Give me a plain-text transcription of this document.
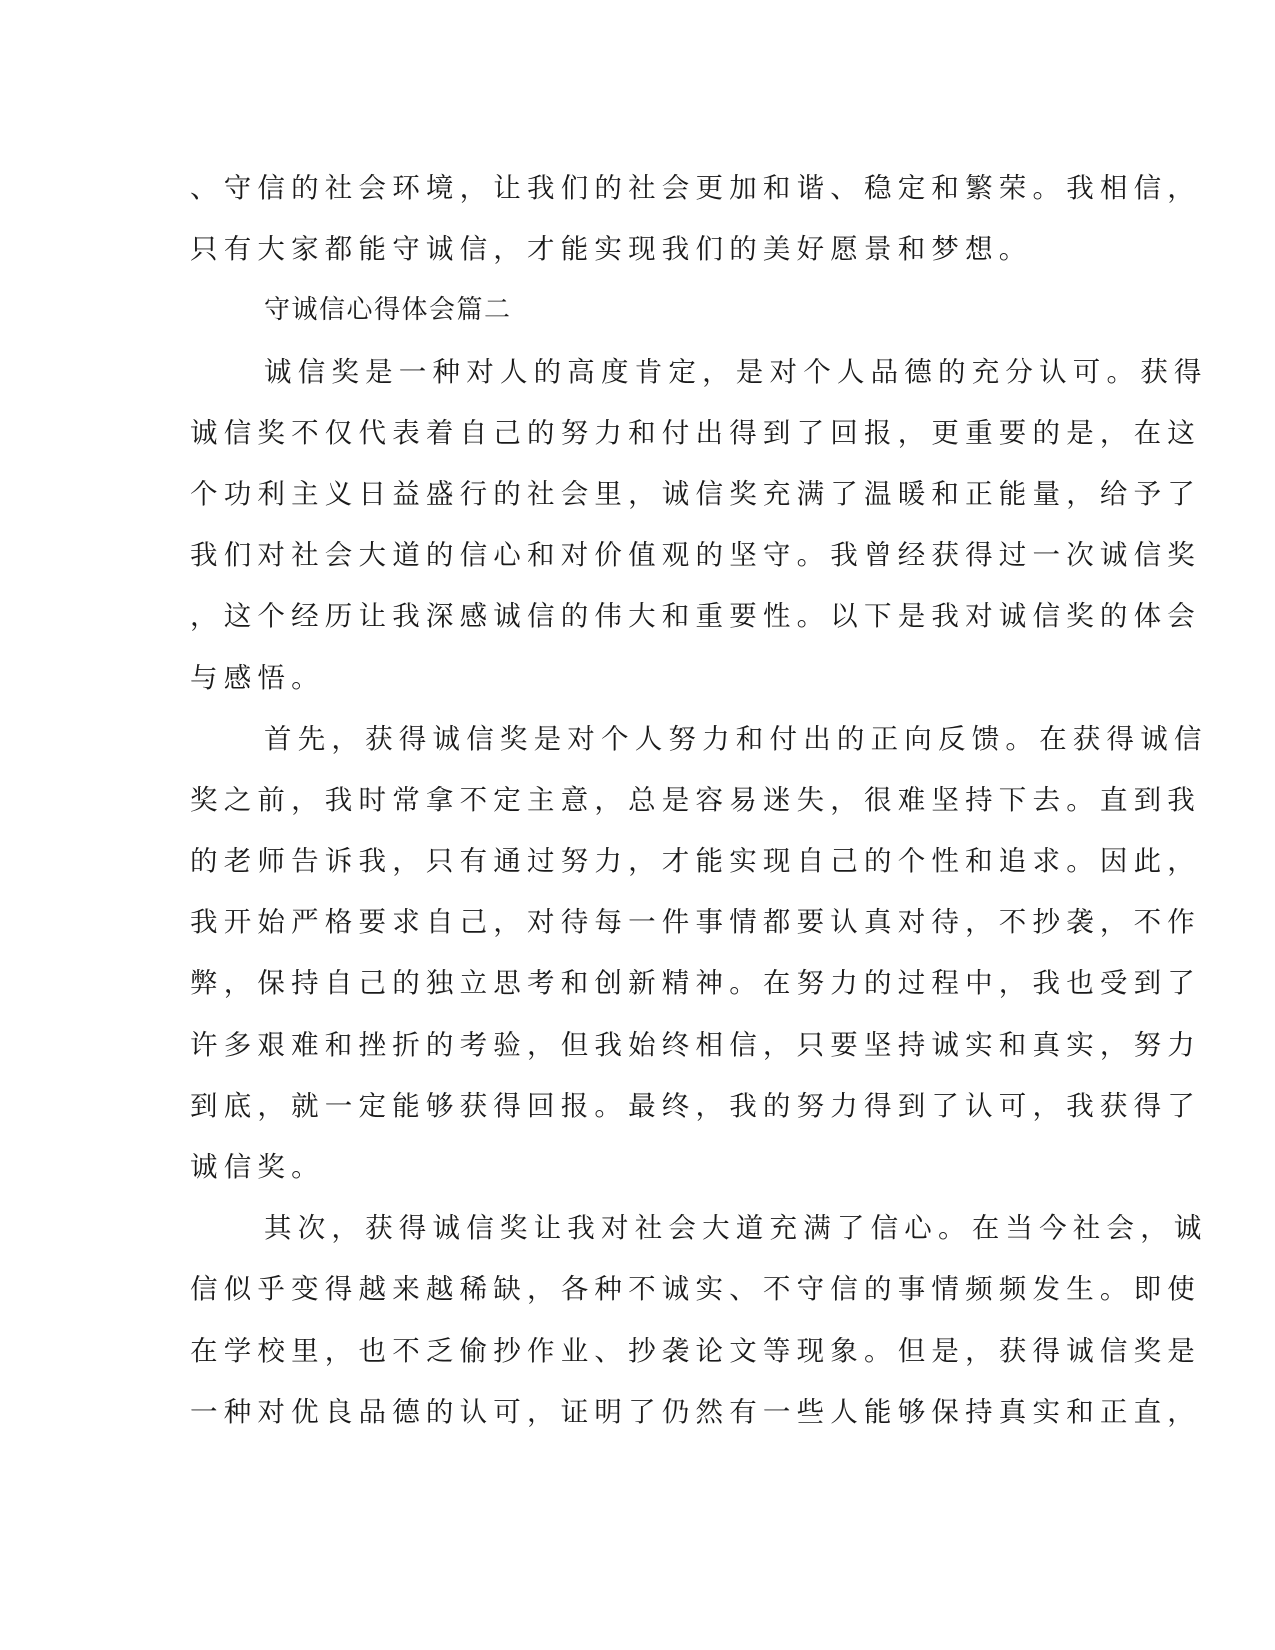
、守信的社会环境，让我们的社会更加和谐、稳定和繁荣。我相信，
只有大家都能守诚信，才能实现我们的美好愿景和梦想。
守诚信心得体会篇二
诚信奖是一种对人的高度肯定，是对个人品德的充分认可。获得
诚信奖不仅代表着自己的努力和付出得到了回报，更重要的是，在这
个功利主义日益盛行的社会里，诚信奖充满了温暖和正能量，给予了
我们对社会大道的信心和对价值观的坚守。我曾经获得过一次诚信奖
，这个经历让我深感诚信的伟大和重要性。以下是我对诚信奖的体会
与感悟。
首先，获得诚信奖是对个人努力和付出的正向反馈。在获得诚信
奖之前，我时常拿不定主意，总是容易迷失，很难坚持下去。直到我
的老师告诉我，只有通过努力，才能实现自己的个性和追求。因此，
我开始严格要求自己，对待每一件事情都要认真对待，不抄袭，不作
弊，保持自己的独立思考和创新精神。在努力的过程中，我也受到了
许多艰难和挫折的考验，但我始终相信，只要坚持诚实和真实，努力
到底，就一定能够获得回报。最终，我的努力得到了认可，我获得了
诚信奖。
其次，获得诚信奖让我对社会大道充满了信心。在当今社会，诚
信似乎变得越来越稀缺，各种不诚实、不守信的事情频频发生。即使
在学校里，也不乏偷抄作业、抄袭论文等现象。但是，获得诚信奖是
一种对优良品德的认可，证明了仍然有一些人能够保持真实和正直，
